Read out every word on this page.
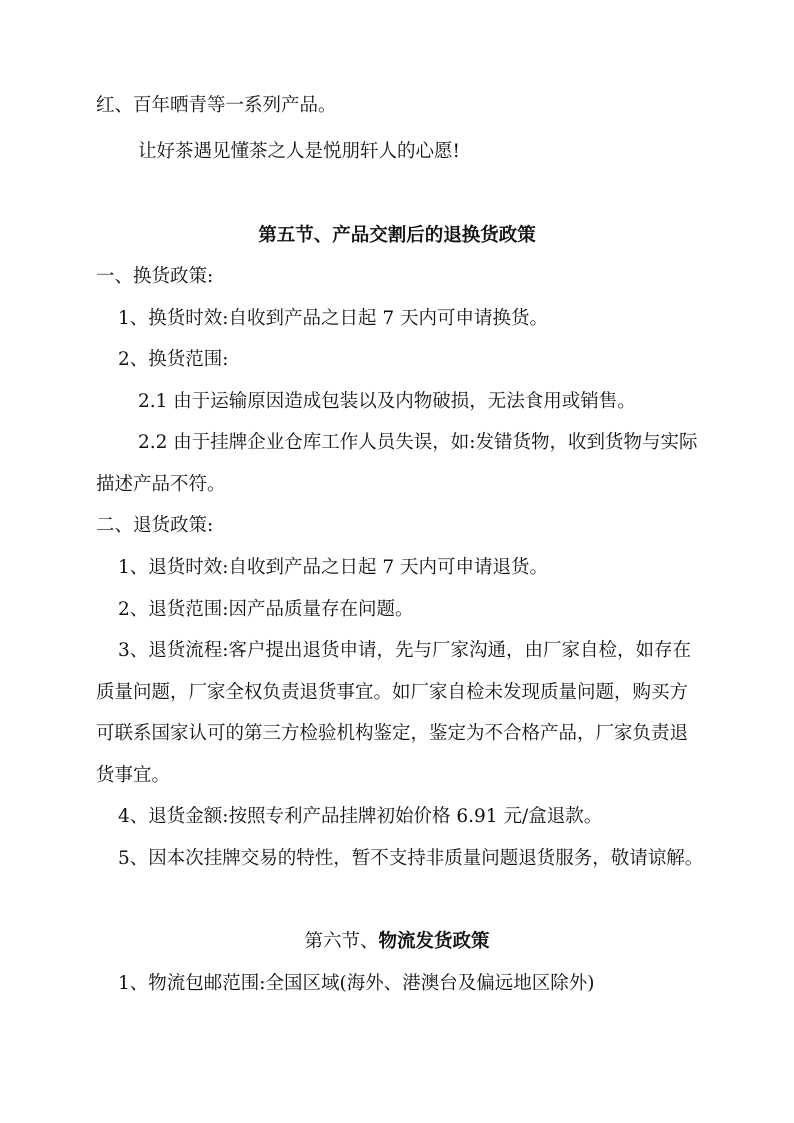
红、百年晒青等一系列产品。
让好茶遇见懂茶之人是悦朋轩人的心愿!
第五节、产品交割后的退换货政策
一、换货政策:
1、换货时效:自收到产品之日起 7 天内可申请换货。
2、换货范围:
2.1 由于运输原因造成包装以及内物破损，无法食用或销售。
2.2 由于挂牌企业仓库工作人员失误，如:发错货物，收到货物与实际
描述产品不符。
二、退货政策:
1、退货时效:自收到产品之日起 7 天内可申请退货。
2、退货范围:因产品质量存在问题。
3、退货流程:客户提出退货申请，先与厂家沟通，由厂家自检，如存在
质量问题，厂家全权负责退货事宜。如厂家自检未发现质量问题，购买方
可联系国家认可的第三方检验机构鉴定，鉴定为不合格产品，厂家负责退
货事宜。
4、退货金额:按照专利产品挂牌初始价格 6.91 元/盒退款。
5、因本次挂牌交易的特性，暂不支持非质量问题退货服务，敬请谅解。
第六节、物流发货政策
1、物流包邮范围:全国区域(海外、港澳台及偏远地区除外)
